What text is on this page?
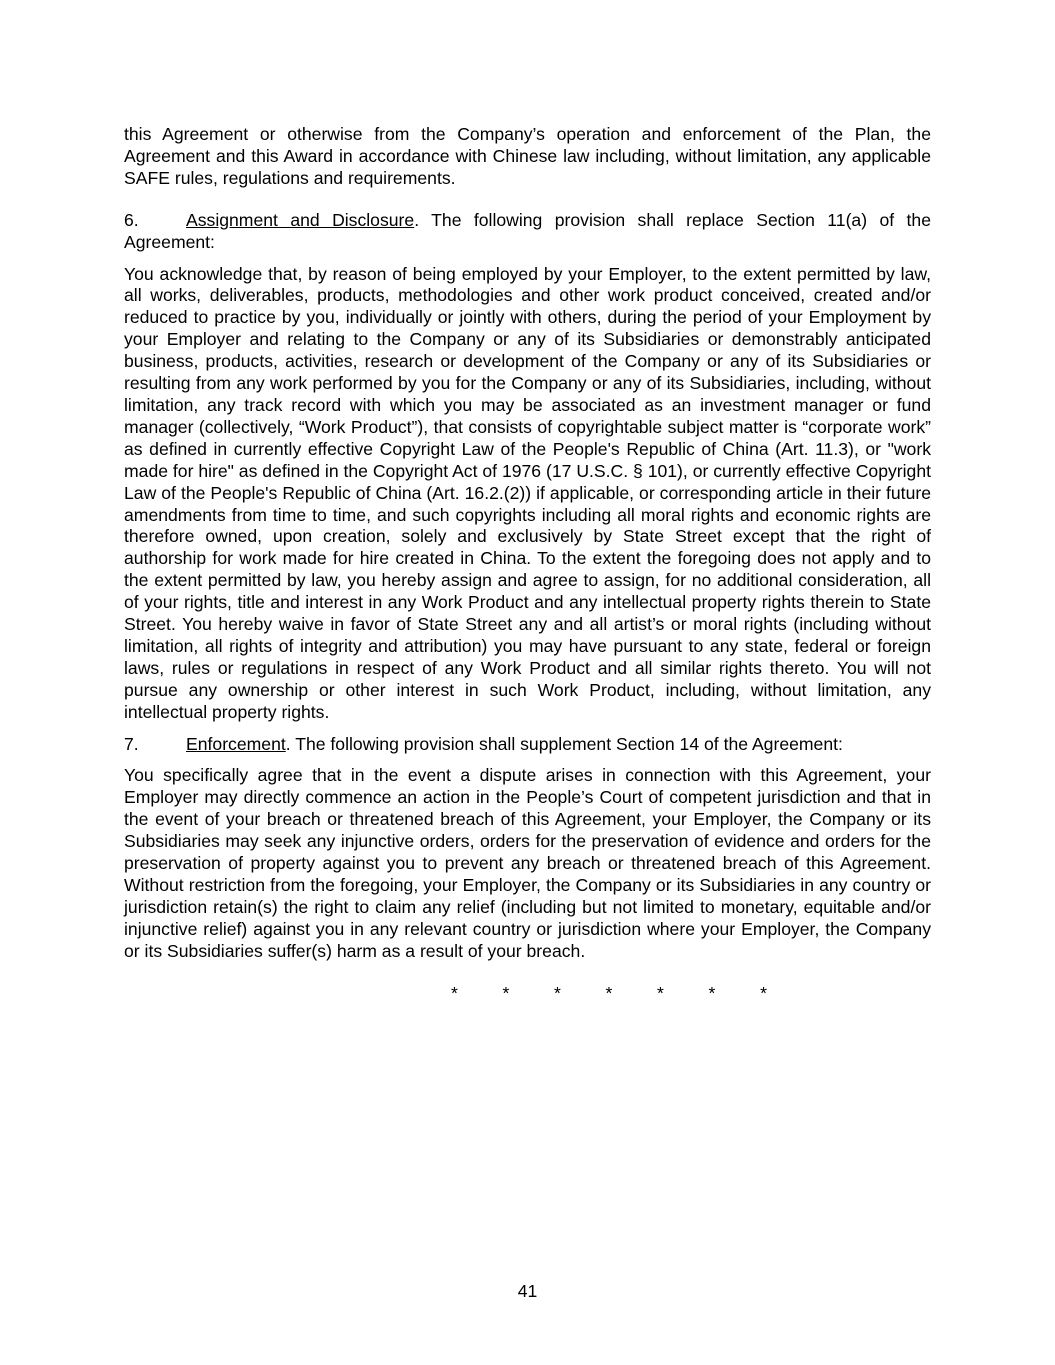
this Agreement or otherwise from the Company’s operation and enforcement of the Plan, the Agreement and this Award in accordance with Chinese law including, without limitation, any applicable SAFE rules, regulations and requirements.

6.	Assignment and Disclosure. The following provision shall replace Section 11(a) of the Agreement:

You acknowledge that, by reason of being employed by your Employer, to the extent permitted by law, all works, deliverables, products, methodologies and other work product conceived, created and/or reduced to practice by you, individually or jointly with others, during the period of your Employment by your Employer and relating to the Company or any of its Subsidiaries or demonstrably anticipated business, products, activities, research or development of the Company or any of its Subsidiaries or resulting from any work performed by you for the Company or any of its Subsidiaries, including, without limitation, any track record with which you may be associated as an investment manager or fund manager (collectively, “Work Product”), that consists of copyrightable subject matter is “corporate work” as defined in currently effective Copyright Law of the People's Republic of China (Art. 11.3), or "work made for hire" as defined in the Copyright Act of 1976 (17 U.S.C. § 101), or currently effective Copyright Law of the People's Republic of China (Art. 16.2.(2)) if applicable, or corresponding article in their future amendments from time to time, and such copyrights including all moral rights and economic rights are therefore owned, upon creation, solely and exclusively by State Street except that the right of authorship for work made for hire created in China. To the extent the foregoing does not apply and to the extent permitted by law, you hereby assign and agree to assign, for no additional consideration, all of your rights, title and interest in any Work Product and any intellectual property rights therein to State Street. You hereby waive in favor of State Street any and all artist’s or moral rights (including without limitation, all rights of integrity and attribution) you may have pursuant to any state, federal or foreign laws, rules or regulations in respect of any Work Product and all similar rights thereto. You will not pursue any ownership or other interest in such Work Product, including, without limitation, any intellectual property rights.

7.	Enforcement. The following provision shall supplement Section 14 of the Agreement:

You specifically agree that in the event a dispute arises in connection with this Agreement, your Employer may directly commence an action in the People’s Court of competent jurisdiction and that in the event of your breach or threatened breach of this Agreement, your Employer, the Company or its Subsidiaries may seek any injunctive orders, orders for the preservation of evidence and orders for the preservation of property against you to prevent any breach or threatened breach of this Agreement. Without restriction from the foregoing, your Employer, the Company or its Subsidiaries in any country or jurisdiction retain(s) the right to claim any relief (including but not limited to monetary, equitable and/or injunctive relief) against you in any relevant country or jurisdiction where your Employer, the Company or its Subsidiaries suffer(s) harm as a result of your breach.

*   *   *   *   *   *   *

41
